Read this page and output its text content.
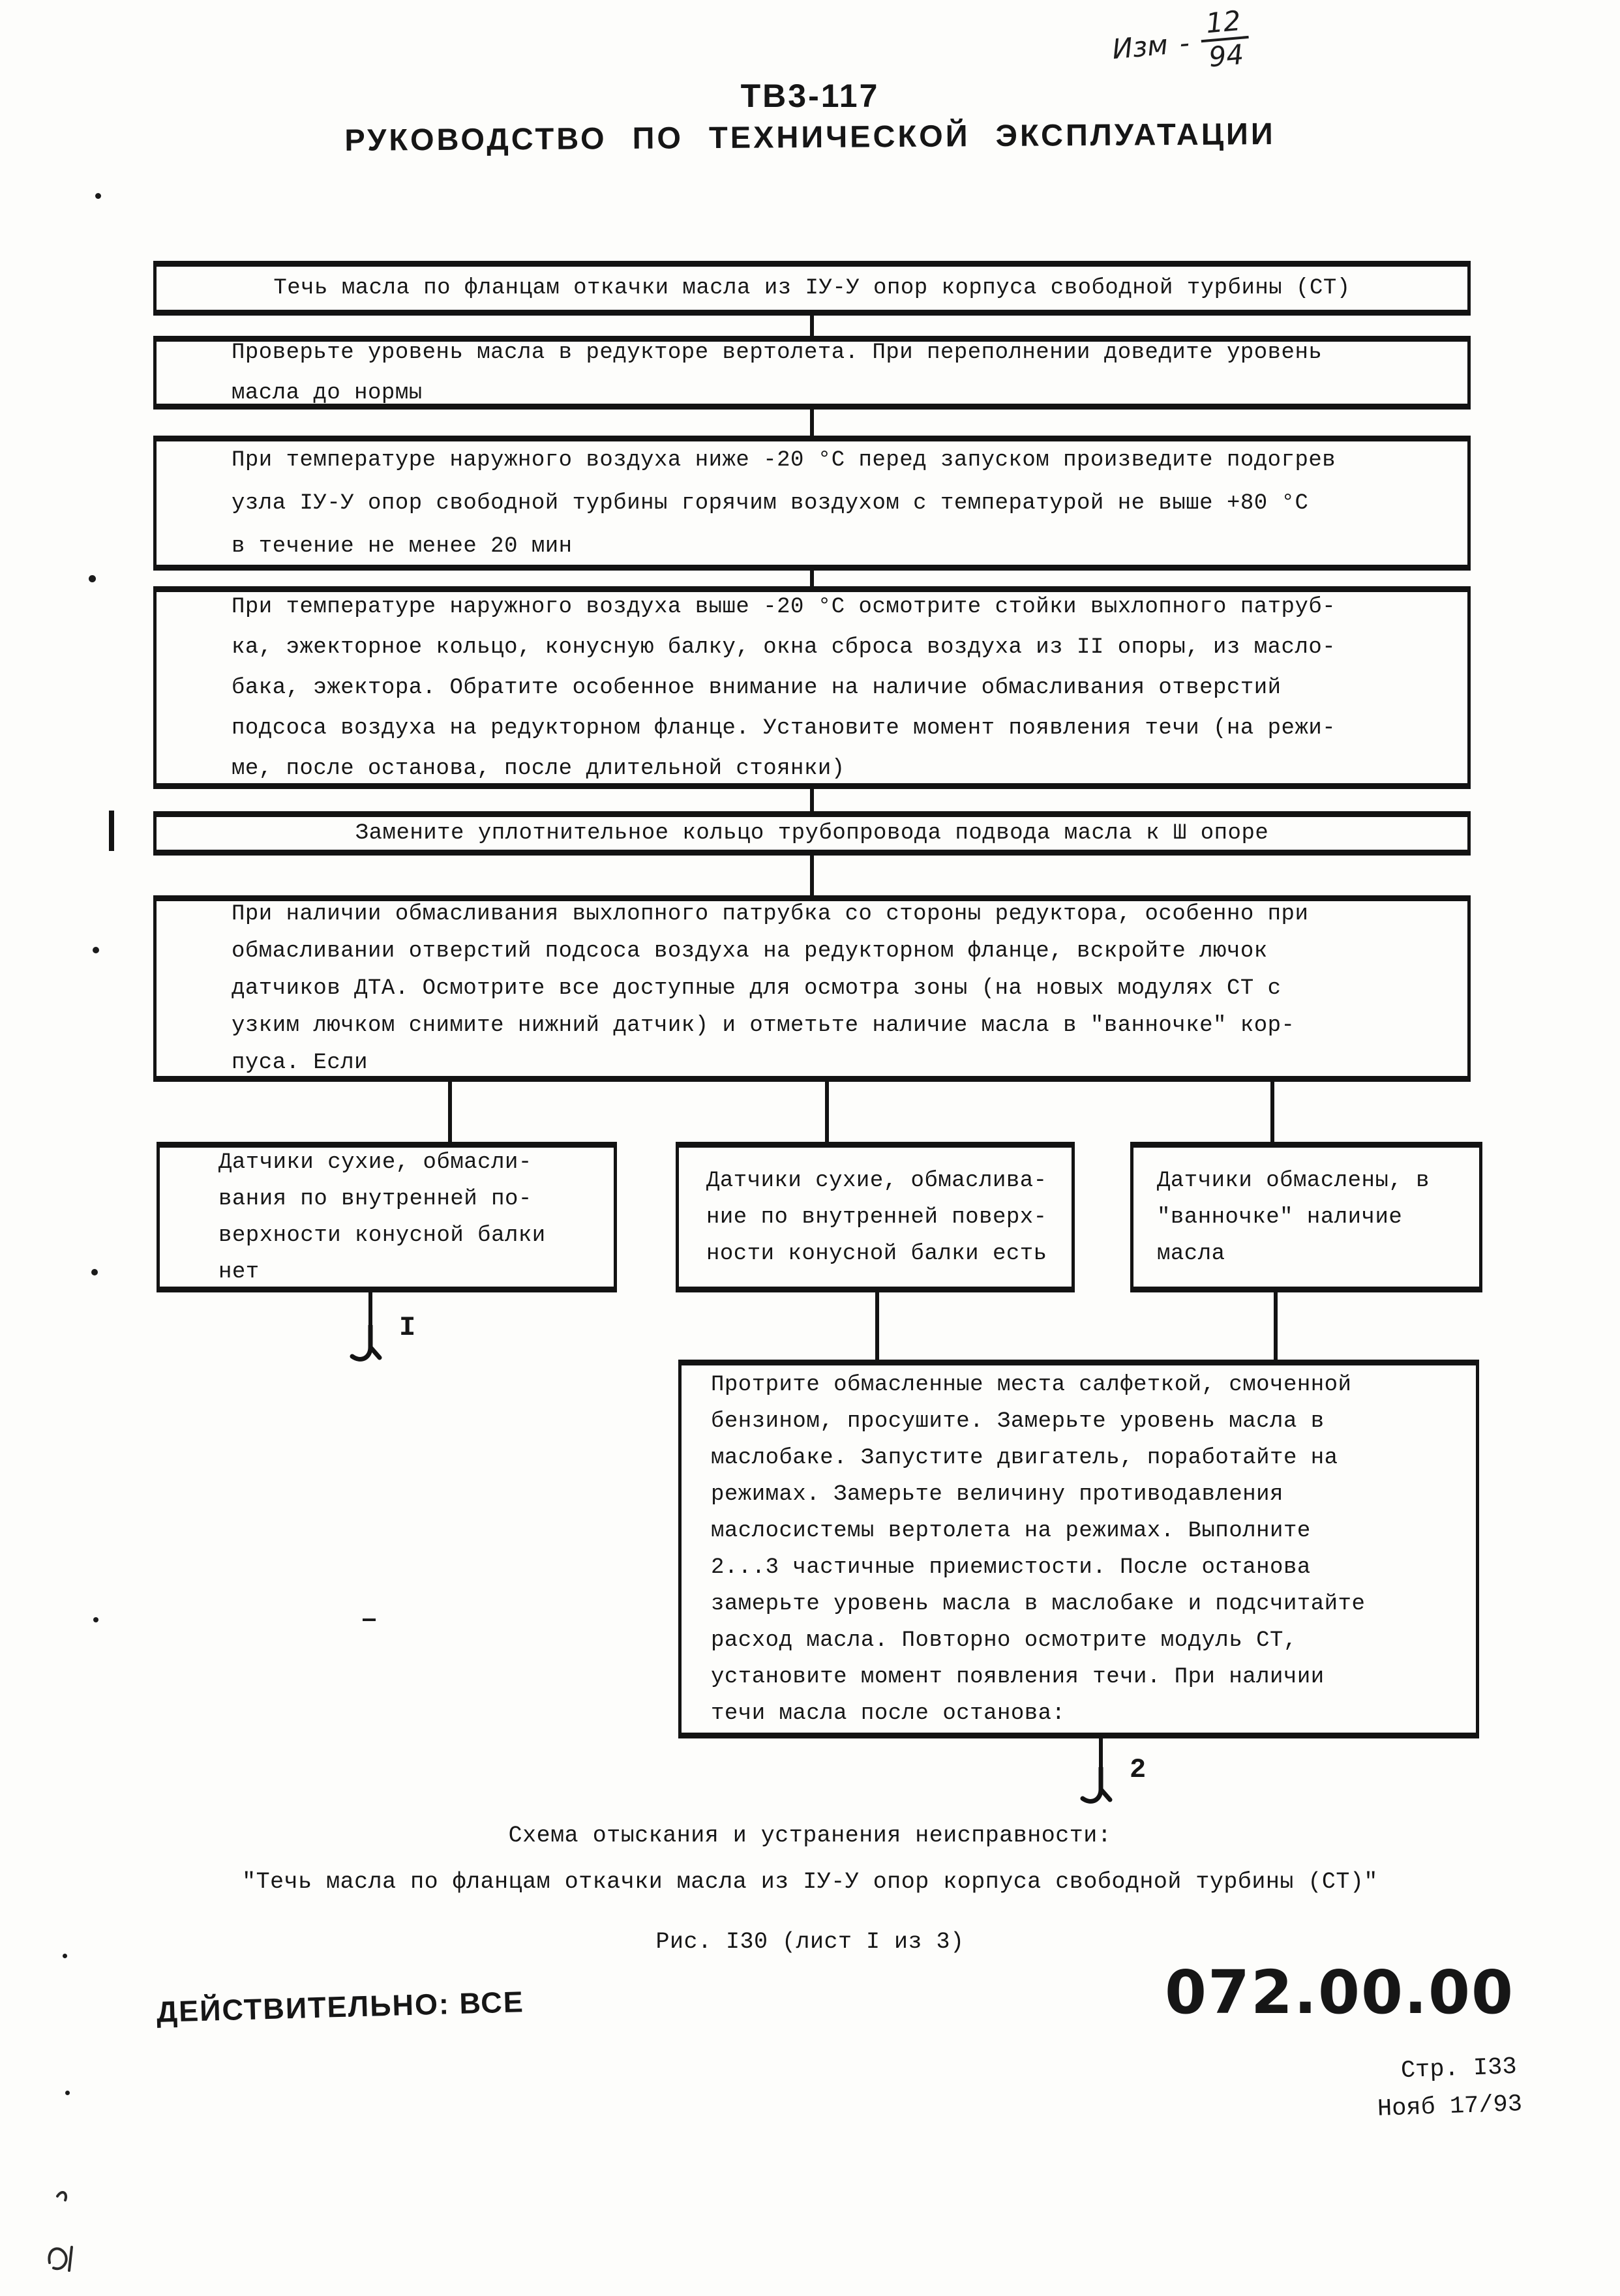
ТВ3-117
РУКОВОДСТВО ПО ТЕХНИЧЕСКОЙ ЭКСПЛУАТАЦИИ
Изм - $\frac{12}{94}$
Течь масла по фланцам откачки масла из IУ-У опор корпуса свободной турбины (СТ)
Проверьте уровень масла в редукторе вертолета. При переполнении доведите уровень
масла до нормы
При температуре наружного воздуха ниже -20 °С перед запуском произведите подогрев
узла IУ-У опор свободной турбины горячим воздухом с температурой не выше +80 °С
в течение не менее 20 мин
При температуре наружного воздуха выше -20 °С осмотрите стойки выхлопного патруб-
ка, эжекторное кольцо, конусную балку, окна сброса воздуха из II опоры, из масло-
бака, эжектора. Обратите особенное внимание на наличие обмасливания отверстий
подсоса воздуха на редукторном фланце. Установите момент появления течи (на режи-
ме, после останова, после длительной стоянки)
Замените уплотнительное кольцо трубопровода подвода масла к Ш опоре
При наличии обмасливания выхлопного патрубка со стороны редуктора, особенно при
обмасливании отверстий подсоса воздуха на редукторном фланце, вскройте лючок
датчиков ДТА. Осмотрите все доступные для осмотра зоны (на новых модулях СТ с
узким лючком снимите нижний датчик) и отметьте наличие масла в "ванночке" кор-
пуса. Если
Датчики сухие, обмасли-
вания по внутренней по-
верхности конусной балки
нет
Датчики сухие, обмаслива-
ние по внутренней поверх-
ности конусной балки есть
Датчики обмаслены, в
"ванночке" наличие
масла
I
Протрите обмасленные места салфеткой, смоченной
бензином, просушите. Замерьте уровень масла в
маслобаке. Запустите двигатель, поработайте на
режимах. Замерьте величину противодавления
маслосистемы вертолета на режимах. Выполните
2...3 частичные приемистости. После останова
замерьте уровень масла в маслобаке и подсчитайте
расход масла. Повторно осмотрите модуль СТ,
установите момент появления течи. При наличии
течи масла после останова:
2
Схема отыскания и устранения неисправности:
"Течь масла по фланцам откачки масла из IУ-У опор корпуса свободной турбины (СТ)"
Рис. I30 (лист I из 3)
ДЕЙСТВИТЕЛЬНО: ВСЕ	072.00.00
Стр. I33
Нояб 17/93
